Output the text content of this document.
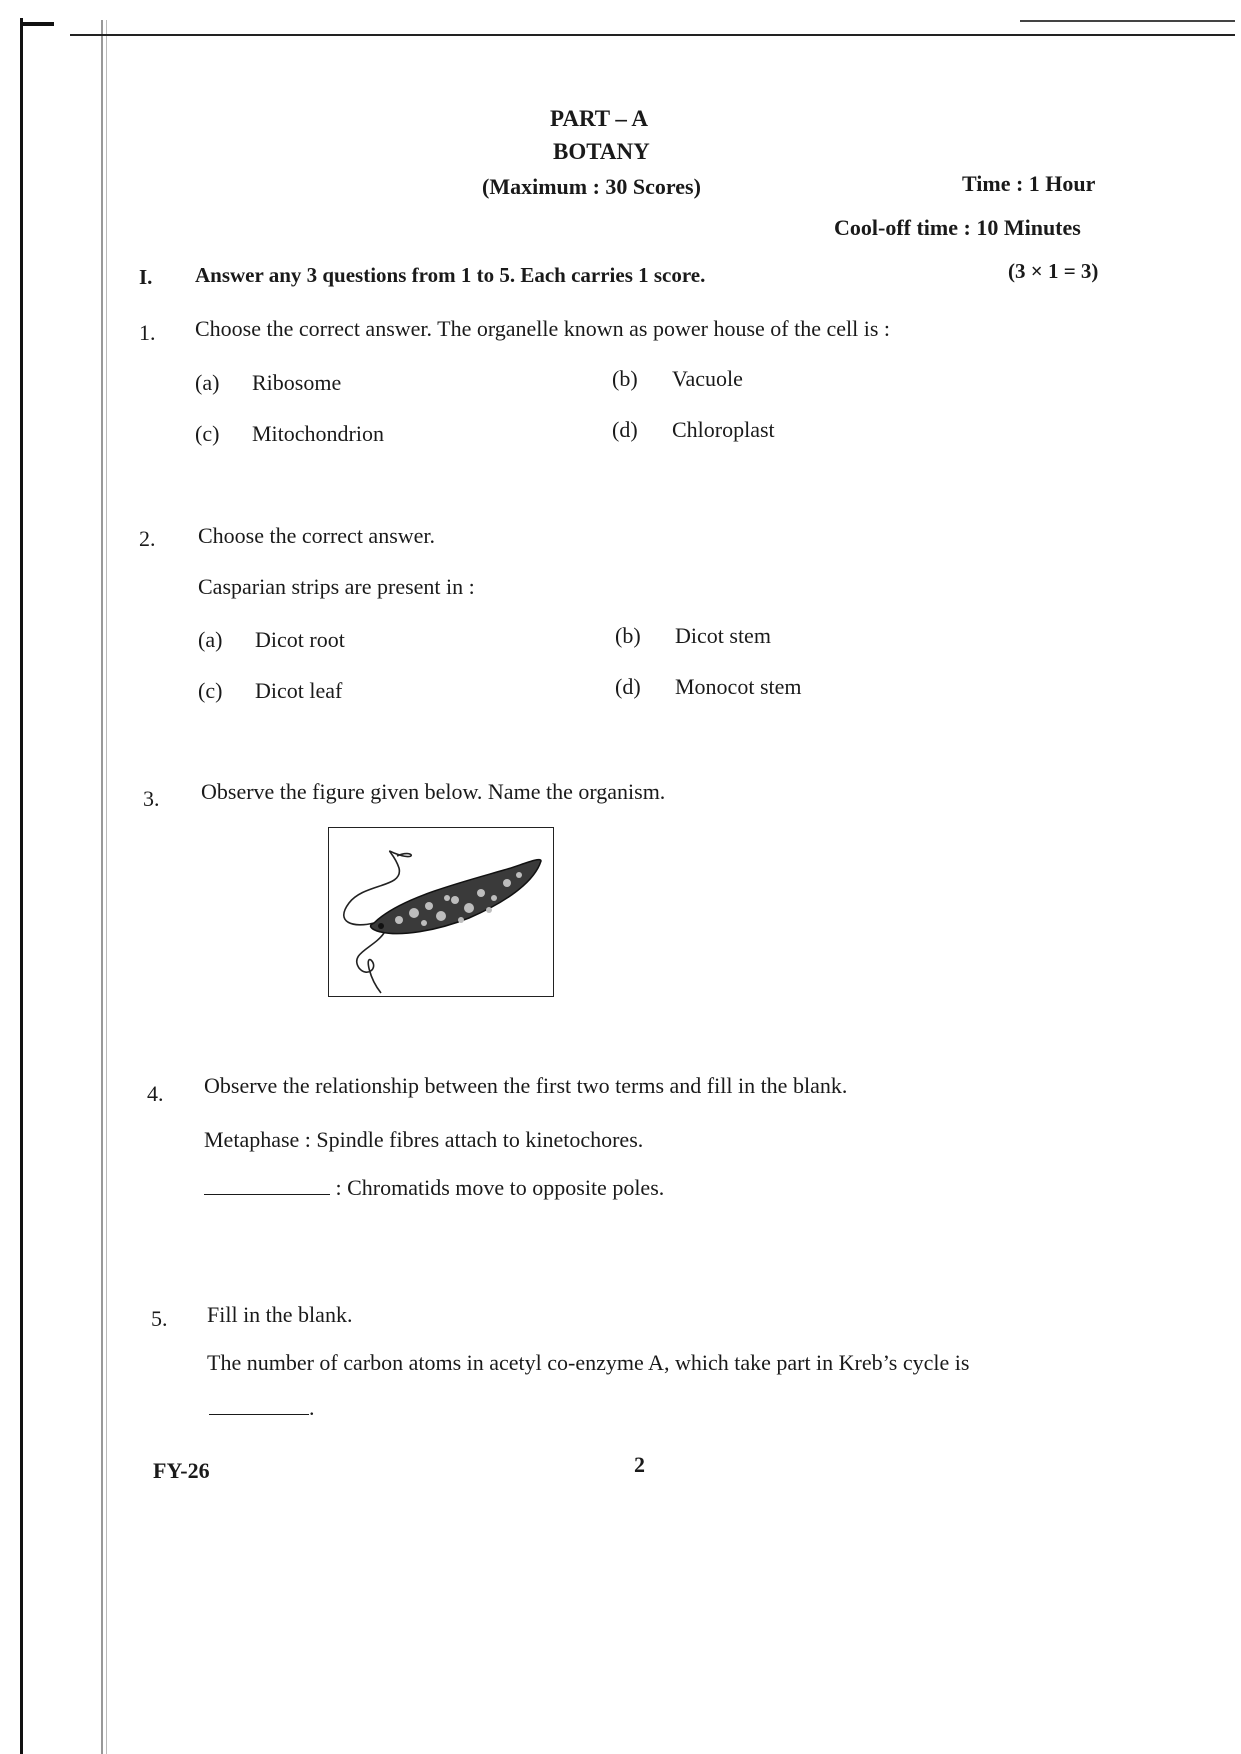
PART – A
BOTANY
(Maximum : 30 Scores)	Time : 1 Hour
Cool-off time : 10 Minutes
I. Answer any 3 questions from 1 to 5. Each carries 1 score.	(3 × 1 = 3)
1. Choose the correct answer. The organelle known as power house of the cell is :
(a) Ribosome	(b) Vacuole
(c) Mitochondrion	(d) Chloroplast
2. Choose the correct answer.
Casparian strips are present in :
(a) Dicot root	(b) Dicot stem
(c) Dicot leaf	(d) Monocot stem
3. Observe the figure given below. Name the organism.
4. Observe the relationship between the first two terms and fill in the blank.
Metaphase : Spindle fibres attach to kinetochores.
: Chromatids move to opposite poles.
5. Fill in the blank.
The number of carbon atoms in acetyl co-enzyme A, which take part in Kreb’s cycle is
.
FY-26	2
